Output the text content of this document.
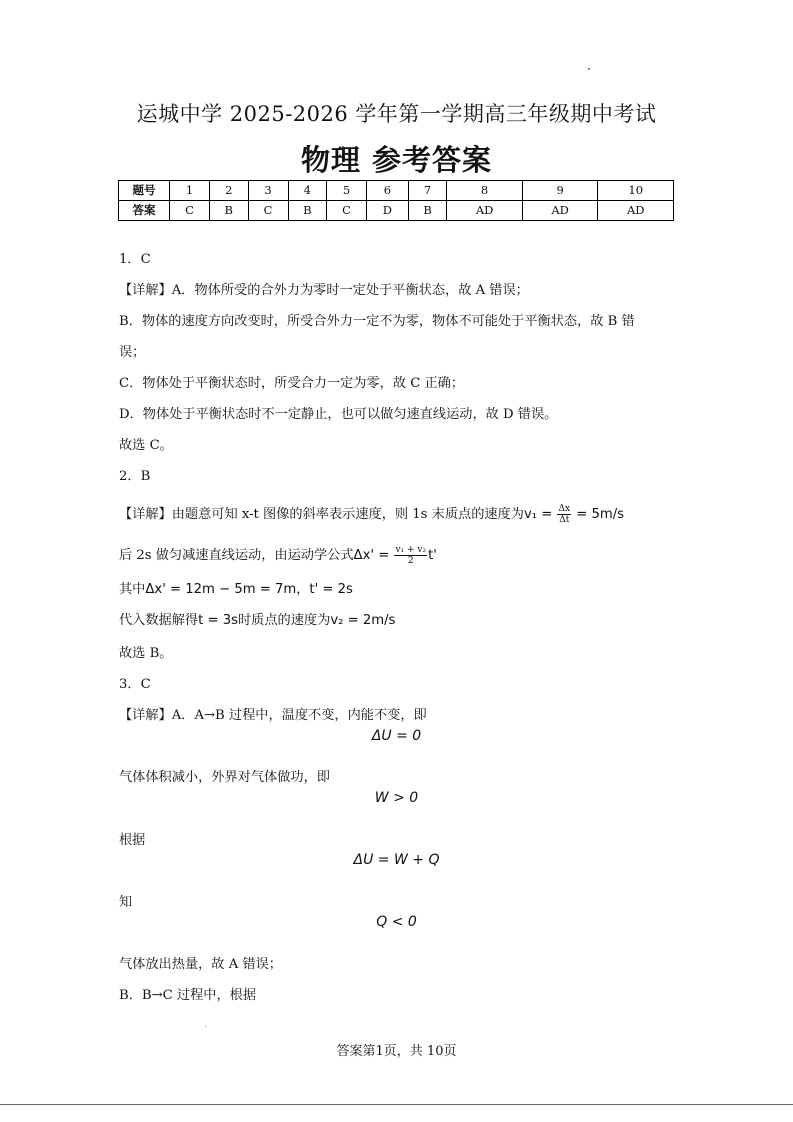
运城中学 2025-2026 学年第一学期高三年级期中考试
物理 参考答案
题号	1	2	3	4	5	6	7	8	9	10
答案	C	B	C	B	C	D	B	AD	AD	AD
1．C
【详解】A．物体所受的合外力为零时一定处于平衡状态，故 A 错误；
B．物体的速度方向改变时，所受合外力一定不为零，物体不可能处于平衡状态，故 B 错
误；
C．物体处于平衡状态时，所受合力一定为零，故 C 正确；
D．物体处于平衡状态时不一定静止，也可以做匀速直线运动，故 D 错误。
故选 C。
2．B
【详解】由题意可知 x-t 图像的斜率表示速度，则 1s 末质点的速度为$v_1 = \frac{\Delta x}{\Delta t} = 5m/s$
后 2s 做匀减速直线运动，由运动学公式$\Delta x' = \frac{\text{v₁ + v₂}}{2} t'$
其中Δx' = 12m − 5m = 7m，t' = 2s
代入数据解得t = 3s时质点的速度为v₂ = 2m/s
故选 B。
3．C
【详解】A．A→B 过程中，温度不变，内能不变，即
ΔU = 0
气体体积减小，外界对气体做功，即
W > 0
根据
ΔU = W + Q
知
Q < 0
气体放出热量，故 A 错误；
B．B→C 过程中，根据
答案第1页，共 10页
